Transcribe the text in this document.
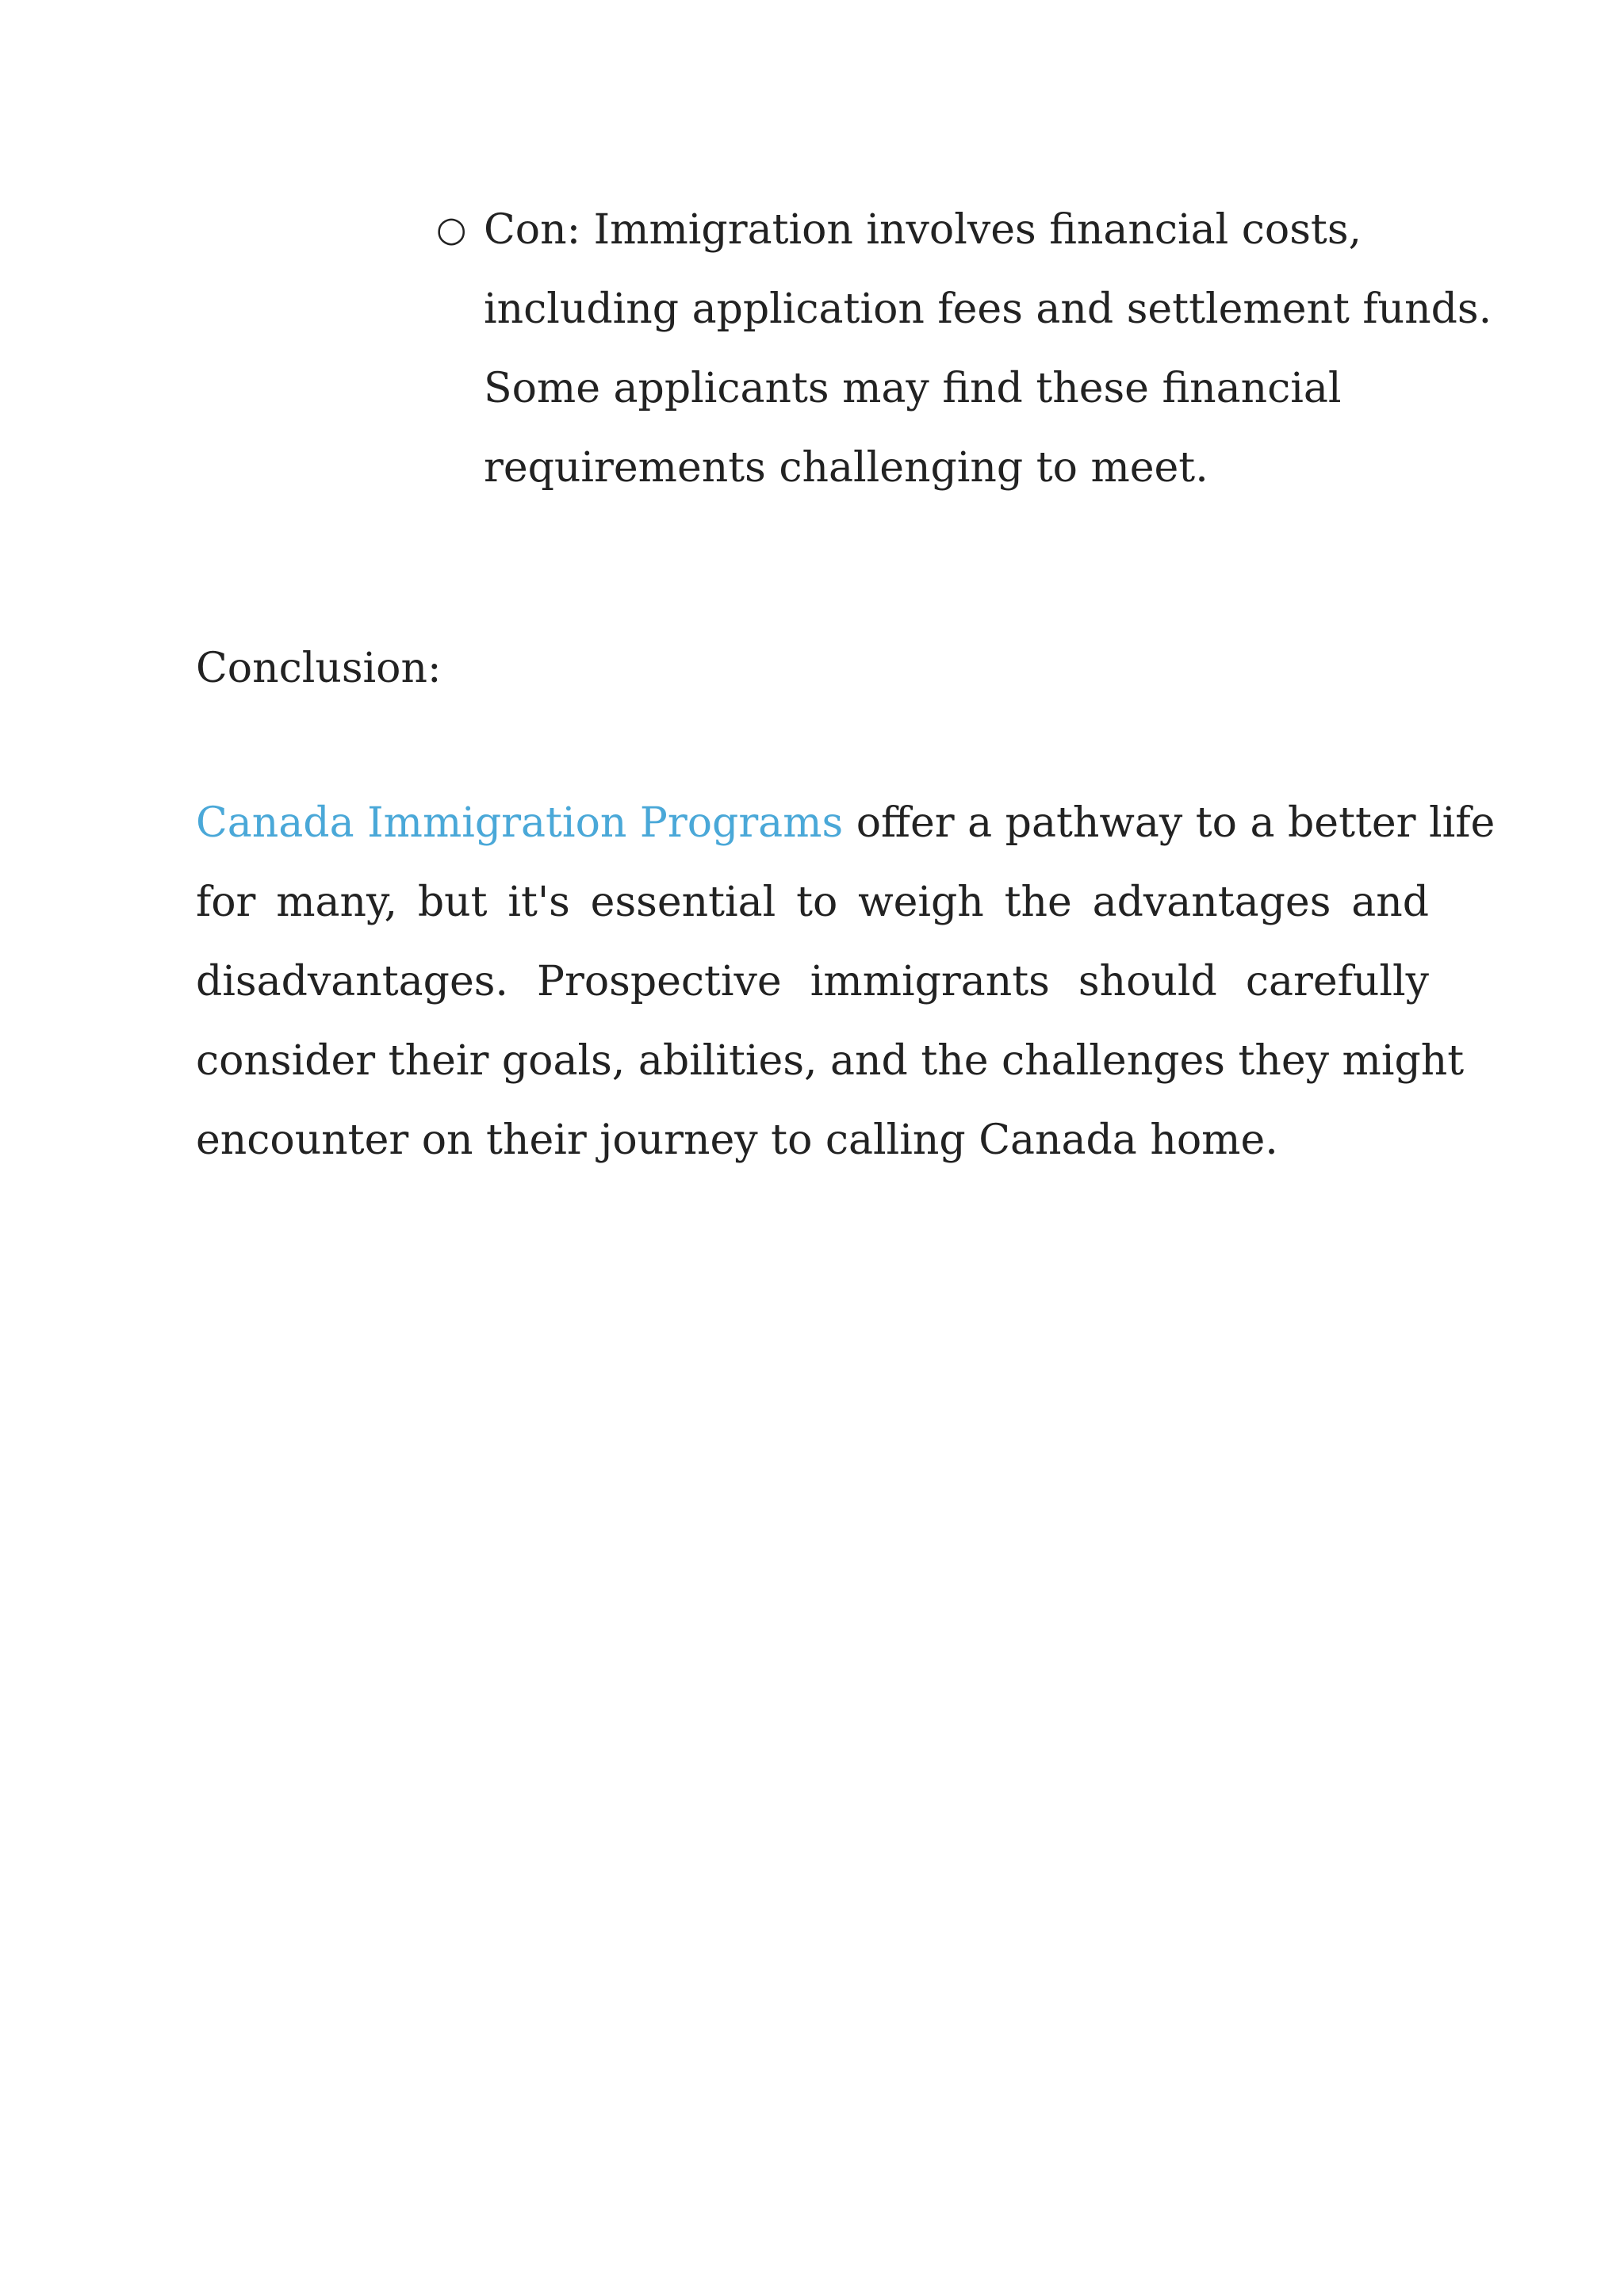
○ Con: Immigration involves financial costs,
including application fees and settlement funds.
Some applicants may find these financial
requirements challenging to meet.
Conclusion:
Canada Immigration Programs offer a pathway to a better life
for many, but it's essential to weigh the advantages and
disadvantages. Prospective immigrants should carefully
consider their goals, abilities, and the challenges they might
encounter on their journey to calling Canada home.
